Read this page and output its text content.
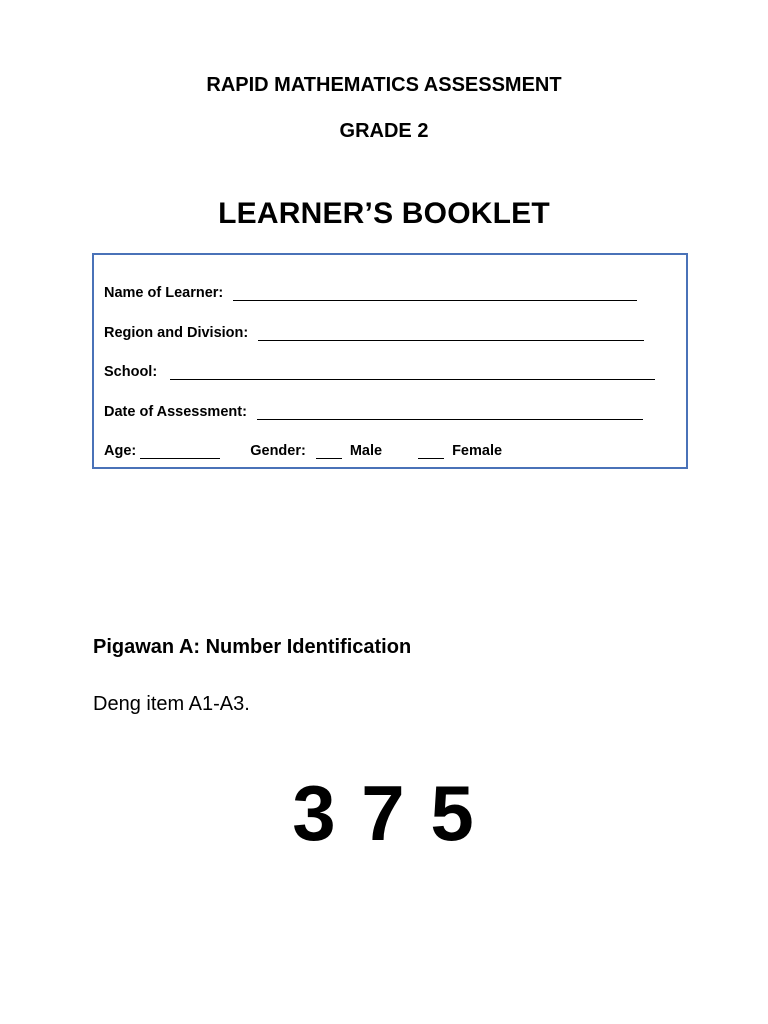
RAPID MATHEMATICS ASSESSMENT
GRADE 2
LEARNER’S BOOKLET
Name of Learner:
Region and Division:
School:
Date of Assessment:
Age:	Gender:	Male	Female
Pigawan A: Number Identification
Deng item A1-A3.
3 7 5
